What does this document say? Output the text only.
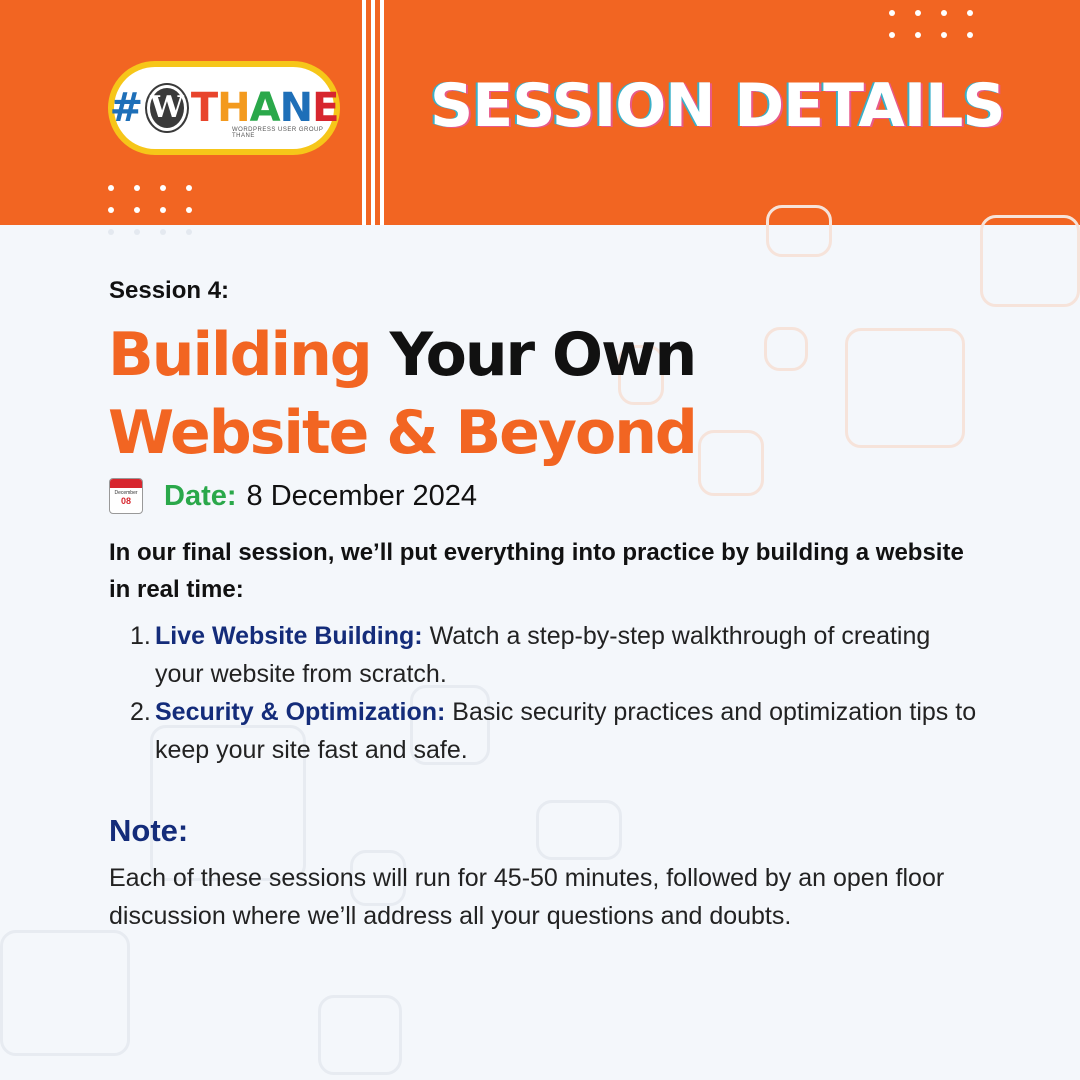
# W THANE
WORDPRESS USER GROUP THANE	SESSION DETAILS
Session 4:
Building Your Own
Website & Beyond
December
08	Date: 8 December 2024

In our final session, we’ll put everything into practice by building a website in real time:

1. Live Website Building: Watch a step-by-step walkthrough of creating your website from scratch.
2. Security & Optimization: Basic security practices and optimization tips to keep your site fast and safe.
Note:

Each of these sessions will run for 45-50 minutes, followed by an open floor discussion where we’ll address all your questions and doubts.
